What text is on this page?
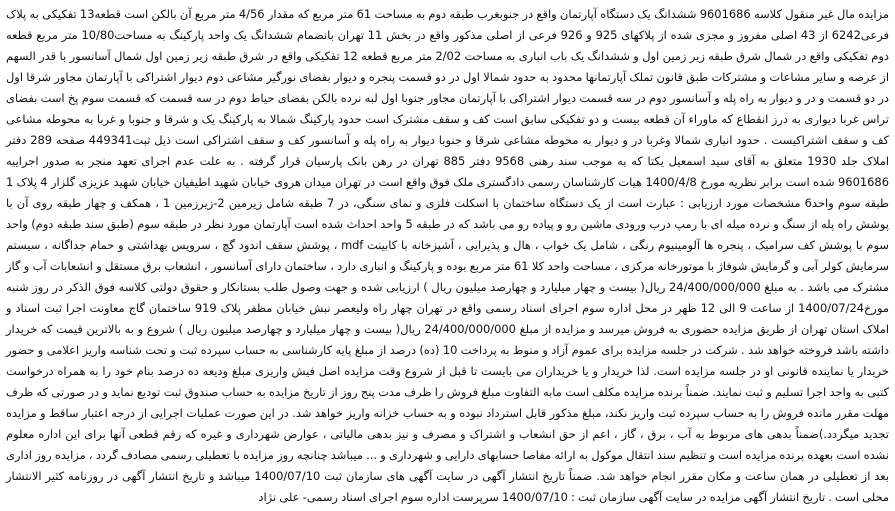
مزایده مال غیر منقول کلاسه 9601686 ششدانگ یک دستگاه آپارتمان واقع در جنوبغرب طبقه دوم به مساحت 61 متر مربع که مقدار 4/56 متر مربع آن بالکن است قطعه13 تفکیکی به پلاک فرعی6242 از 43 اصلی مفروز و مجزی شده از پلاکهای 925 و 926 فرعی از اصلی مذکور واقع در بخش 11 تهران بانضمام ششدانگ یک واحد پارکینگ به مساحت10/80 متر مربع قطعه دوم تفکیکی واقع در شمال شرق طبقه زیر زمین اول و ششدانگ یک باب انباری به مساحت 2/02 متر مربع قطعه 12 تفکیکی واقع در شرق طبقه زیر زمین اول شمال آسانسور با قدر السهم از عرصه و سایر مشاعات و مشترکات طبق قانون تملک آپارتمانها محدود به حدود شمالا اول در دو قسمت پنجره و دیوار بفضای نورگیر مشاعی دوم دیوار اشتراکی با آپارتمان مجاور شرقا اول در دو قسمت و در و دیوار به راه پله و آسانسور دوم در سه قسمت دیوار اشتراکی با آپارتمان مجاور جنوبا اول لبه نرده بالکن بفضای حیاط دوم در سه قسمت که قسمت سوم پخ است بفضای تراس غربا دیواری به درز انقطاع که ماوراء آن قطعه بیست و دو تفکیکی سابق است کف و سقف مشترک است حدود پارکینگ شمالا به پارکینگ یک و شرقا و جنوبا و غربا به محوطه مشاعی کف و سقف اشتراکیست . حدود انباری شمالا وغربا در و دیوار به محوطه مشاعی شرقا و جنوبا دیوار به راه پله و آسانسور کف و سقف اشتراکی است ذیل ثبت449341 صفحه 289 دفتر املاک جلد 1930 متعلق به آقای سید اسمعیل یکتا که به موجب سند رهنی 9568 دفتر 885 تهران در رهن بانک پارسیان قرار گرفته . به علت عدم اجرای تعهد منجر به صدور اجراییه 9601686 شده است برابر نظریه مورخ 1400/4/8 هیات کارشناسان رسمی دادگستری ملک فوق واقع است در تهران میدان هروی خیابان شهید اطیفیان خیابان شهید عزیزی گلزار 4 پلاک 1 طبقه سوم واحد6 مشخصات مورد ارزیابی : عبارت است از یک دستگاه ساختمان با اسکلت فلزی و نمای سنگی، در 7 طبقه شامل زیرمین 2-زیرزمین 1 ، همکف و چهار طبقه روی آن با پوشش راه پله از سنگ و نرده میله ای با رمپ درب ورودی ماشین رو و پیاده رو می باشد که در طبقه 5 واحد احداث شده است آپارتمان مورد نظر در طبقه سوم (طبق سند طبقه دوم) واحد سوم با پوشش کف سرامیک ، پنجره ها آلومینیوم رنگی ، شامل یک خواب ، هال و پذیرایی ، آشپزخانه با کابینت mdf ، پوشش سقف اندود گچ ، سرویس بهداشتی و حمام جداگانه ، سیستم سرمایش کولر آبی و گرمایش شوفاژ با موتورخانه مرکزی ، مساحت واحد کلا 61 متر مربع بوده و پارکینگ و انباری دارد ، ساختمان دارای آسانسور ، انشعاب برق مستقل و انشعابات آب و گاز مشترک می باشد . به مبلغ 24/400/000/000 ریال( بیست و چهار میلیارد و چهارصد میلیون ریال ) ارزیابی شده و جهت وصول طلب بستانکار و حقوق دولتی کلاسه فوق الذکر در روز شنبه مورخ1400/07/24 از ساعت 9 الی 12 ظهر در محل اداره سوم اجرای اسناد رسمی واقع در تهران چهار راه ولیعصر نبش خیابان مظفر پلاک 919 ساختمان گاج معاونت اجرا ثبت اسناد و املاک استان تهران از طریق مزایده حضوری به فروش میرسد و مزایده از مبلغ 24/400/000/000 ریال( بیست و چهار میلیارد و چهارصد میلیون ریال ) شروع و به بالاترین قیمت که خریدار داشته باشد فروخته خواهد شد . شرکت در جلسه مزایده برای عموم آزاد و منوط به پرداخت 10 (ده) درصد از مبلغ پایه کارشناسی به حساب سپرده ثبت و تحت شناسه واریز اعلامی و حضور خریدار یا نماینده قانونی او در جلسه مزایده است. لذا خریدار و یا خریداران می بایست تا قبل از شروع وقت مزایده اصل فیش واریزی مبلغ ودیعه ده درصد بنام خود را به همراه درخواست کتبی به واحد اجرا تسلیم و ثبت نمایند. ضمناً برنده مزایده مکلف است مابه التفاوت مبلغ فروش را ظرف مدت پنج روز از تاریخ مزایده به حساب صندوق ثبت تودیع نماید و در صورتی که ظرف مهلت مقرر مانده فروش را به حساب سپرده ثبت واریز نکند، مبلغ مذکور قابل استرداد نبوده و به حساب خزانه واریز خواهد شد. در این صورت عملیات اجرایی از درجه اعتبار ساقط و مزایده تجدید میگردد.)ضمناً بدهی های مربوط به آب ، برق ، گاز ، اعم از حق انشعاب و اشتراک و مصرف و نیز بدهی مالیاتی ، عوارض شهرداری و غیره که رقم قطعی آنها برای این اداره معلوم نشده است بعهده برنده مزایده است و تنظیم سند انتقال موکول به ارائه مفاصا حسابهای دارایی و شهرداری و ... میباشد چنانچه روز مزایده با تعطیلی رسمی مصادف گردد ، مزایده روز اداری بعد از تعطیلی در همان ساعت و مکان مقرر انجام خواهد شد. ضمناً تاریخ انتشار آگهی در سایت آگهی های سازمان ثبت 1400/07/10 میباشد و تاریخ انتشار آگهی در روزنامه کثیر الانتشار محلی است . تاریخ انتشار آگهی مزایده در سایت آگهی سازمان ثبت : 1400/07/10 سرپرست اداره سوم اجرای اسناد رسمی- علی نژاد
